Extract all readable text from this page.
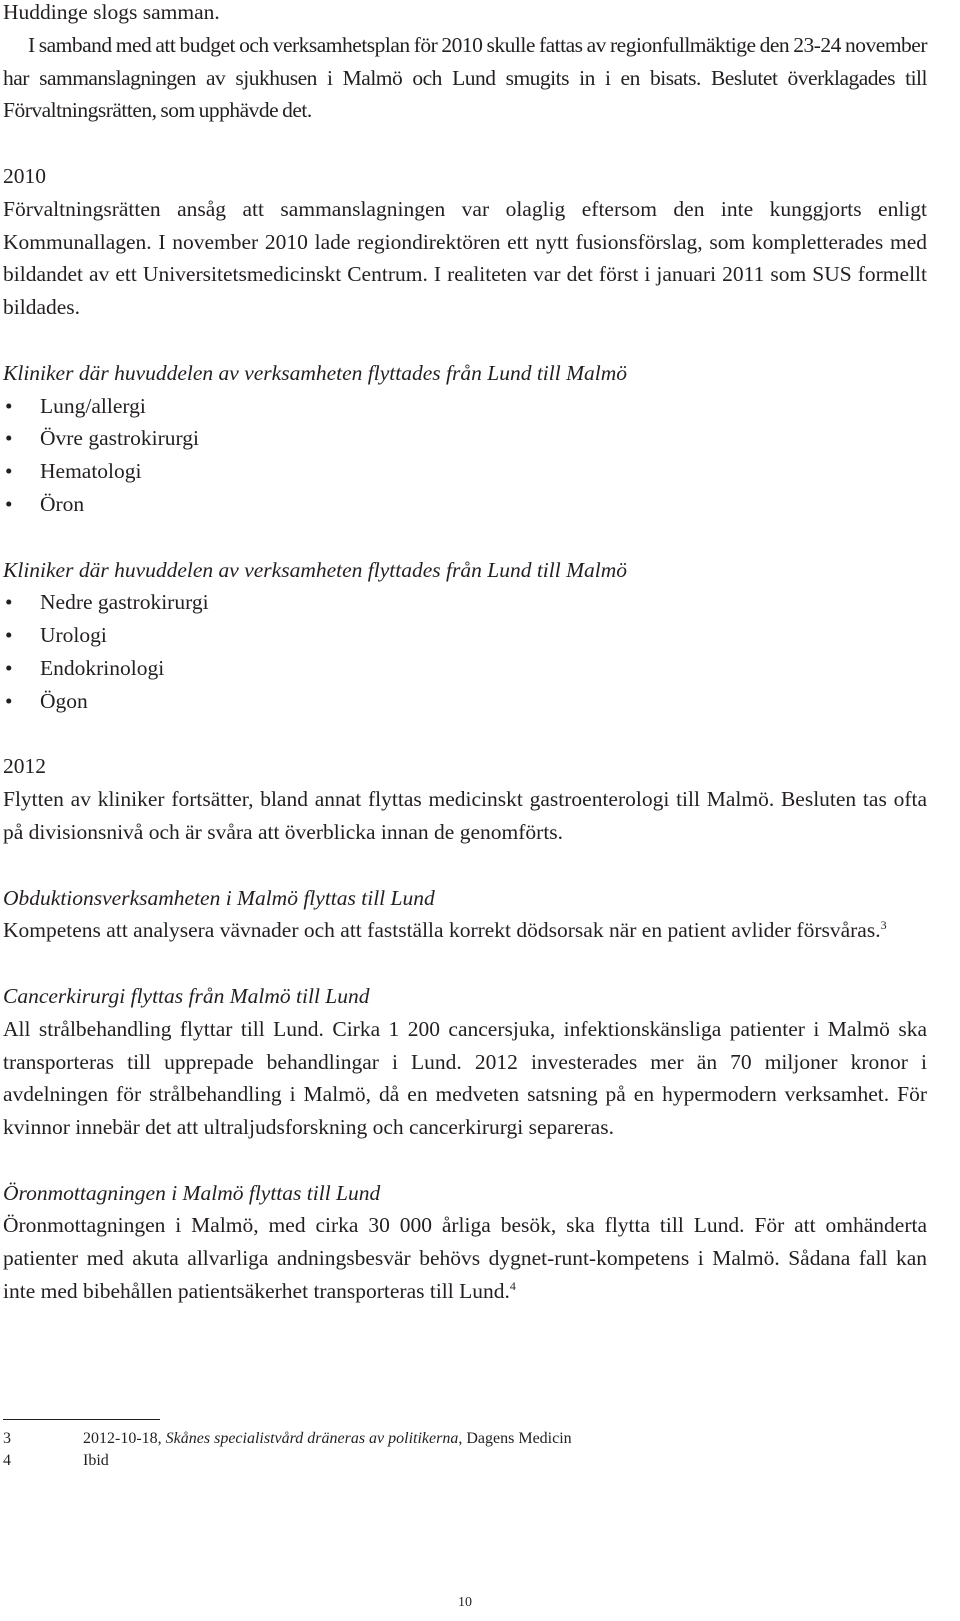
Huddinge slogs samman.

I samband med att budget och verksamhetsplan för 2010 skulle fattas av regionfullmäktige den 23-24 november har sammanslagningen av sjukhusen i Malmö och Lund smugits in i en bisats. Beslutet överklagades till Förvaltningsrätten, som upphävde det.

2010

Förvaltningsrätten ansåg att sammanslagningen var olaglig eftersom den inte kunggjorts enligt Kommunallagen. I november 2010 lade regiondirektören ett nytt fusionsförslag, som kompletterades med bildandet av ett Universitetsmedicinskt Centrum. I realiteten var det först i januari 2011 som SUS formellt bildades.

Kliniker där huvuddelen av verksamheten flyttades från Lund till Malmö

• Lung/allergi
• Övre gastrokirurgi
• Hematologi
• Öron

Kliniker där huvuddelen av verksamheten flyttades från Lund till Malmö

• Nedre gastrokirurgi
• Urologi
• Endokrinologi
• Ögon

2012

Flytten av kliniker fortsätter, bland annat flyttas medicinskt gastroenterologi till Malmö. Besluten tas ofta på divisionsnivå och är svåra att överblicka innan de genomförts.

Obduktionsverksamheten i Malmö flyttas till Lund

Kompetens att analysera vävnader och att fastställa korrekt dödsorsak när en patient avlider försvåras.$^3$

Cancerkirurgi flyttas från Malmö till Lund

All strålbehandling flyttar till Lund. Cirka 1 200 cancersjuka, infektionskänsliga patienter i Malmö ska transporteras till upprepade behandlingar i Lund. 2012 investerades mer än 70 miljoner kronor i avdelningen för strålbehandling i Malmö, då en medveten satsning på en hypermodern verksamhet. För kvinnor innebär det att ultraljudsforskning och cancerkirurgi separeras.

Öronmottagningen i Malmö flyttas till Lund

Öronmottagningen i Malmö, med cirka 30 000 årliga besök, ska flytta till Lund. För att omhänderta patienter med akuta allvarliga andningsbesvär behövs dygnet-runt-kompetens i Malmö. Sådana fall kan inte med bibehållen patientsäkerhet transporteras till Lund.$^4$

3	2012-10-18, Skånes specialistvård dräneras av politikerna, Dagens Medicin
4	Ibid
10
